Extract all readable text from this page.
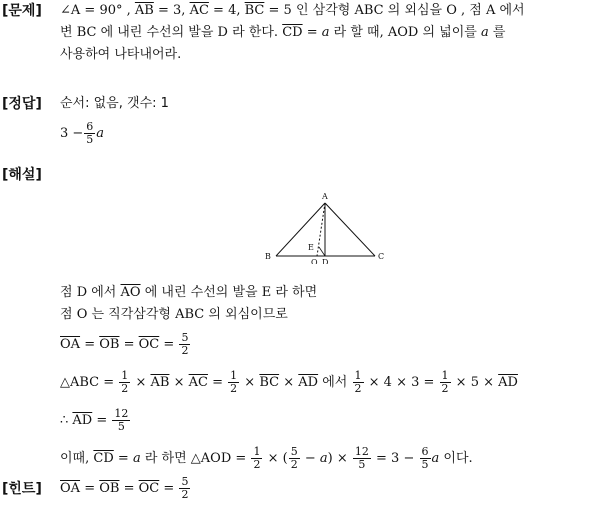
[문제] ∠A = 90° , $\overline{AB} = 3$, $\overline{AC} = 4$, $\overline{BC} = 5$ 인 삼각형 ABC 의 외심을 O , 점 A 에서
변 BC 에 내린 수선의 발을 D 라 한다. $\overline{CD} = a$ 라 할 때, AOD 의 넓이를 a 를
사용하여 나타내어라.
[정답] 순서: 없음, 갯수: 1
$3 - \frac{6}{5}$ a
[해설]
A
B	C
E
O D
점 D 에서 $\overline{AO}$ 에 내린 수선의 발을 E 라 하면
점 O 는 직각삼각형 ABC 의 외심이므로
$\overline{OA} = \overline{OB} = \overline{OC} = \frac{5}{2}$
△ABC = $\frac{1}{2} \times \overline{AB} \times \overline{AC} = \frac{1}{2} \times \overline{BC} \times \overline{AD}$ 에서 $\frac{1}{2} \times 4 \times 3 = \frac{1}{2} \times 5 \times \overline{AD}$
∴ $\overline{AD} = \frac{12}{5}$
이때, $\overline{CD} = a$ 라 하면 △AOD = $\frac{1}{2}$ × ( $\frac{5}{2} - a) \times \frac{12}{5} = 3 - \frac{6}{5}$ a 이다.
[힌트] $\overline{OA} = \overline{OB} = \overline{OC} = \frac{5}{2}$
